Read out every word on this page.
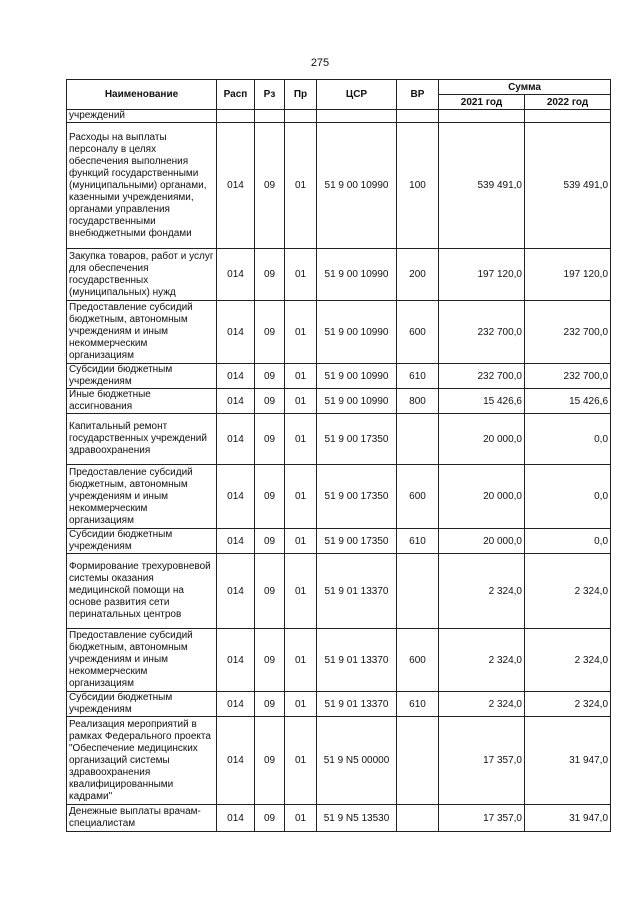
275
Наименование	Расп	Рз	Пр	ЦСР	ВР	Сумма	
						2021 год	2022 год
учреждений							
Расходы на выплаты персоналу в целях обеспечения выполнения функций государственными (муниципальными) органами, казенными учреждениями, органами управления государственными внебюджетными фондами	014	09	01	51 9 00 10990	100	539 491,0	539 491,0
Закупка товаров, работ и услуг для обеспечения государственных (муниципальных) нужд	014	09	01	51 9 00 10990	200	197 120,0	197 120,0
Предоставление субсидий бюджетным, автономным учреждениям и иным некоммерческим организациям	014	09	01	51 9 00 10990	600	232 700,0	232 700,0
Субсидии бюджетным учреждениям	014	09	01	51 9 00 10990	610	232 700,0	232 700,0
Иные бюджетные ассигнования	014	09	01	51 9 00 10990	800	15 426,6	15 426,6
Капитальный ремонт государственных учреждений здравоохранения	014	09	01	51 9 00 17350		20 000,0	0,0
Предоставление субсидий бюджетным, автономным учреждениям и иным некоммерческим организациям	014	09	01	51 9 00 17350	600	20 000,0	0,0
Субсидии бюджетным учреждениям	014	09	01	51 9 00 17350	610	20 000,0	0,0
Формирование трехуровневой системы оказания медицинской помощи на основе развития сети перинатальных центров	014	09	01	51 9 01 13370		2 324,0	2 324,0
Предоставление субсидий бюджетным, автономным учреждениям и иным некоммерческим организациям	014	09	01	51 9 01 13370	600	2 324,0	2 324,0
Субсидии бюджетным учреждениям	014	09	01	51 9 01 13370	610	2 324,0	2 324,0
Реализация мероприятий в рамках Федерального проекта "Обеспечение медицинских организаций системы здравоохранения квалифицированными кадрами"	014	09	01	51 9 N5 00000		17 357,0	31 947,0
Денежные выплаты врачам-специалистам	014	09	01	51 9 N5 13530		17 357,0	31 947,0
